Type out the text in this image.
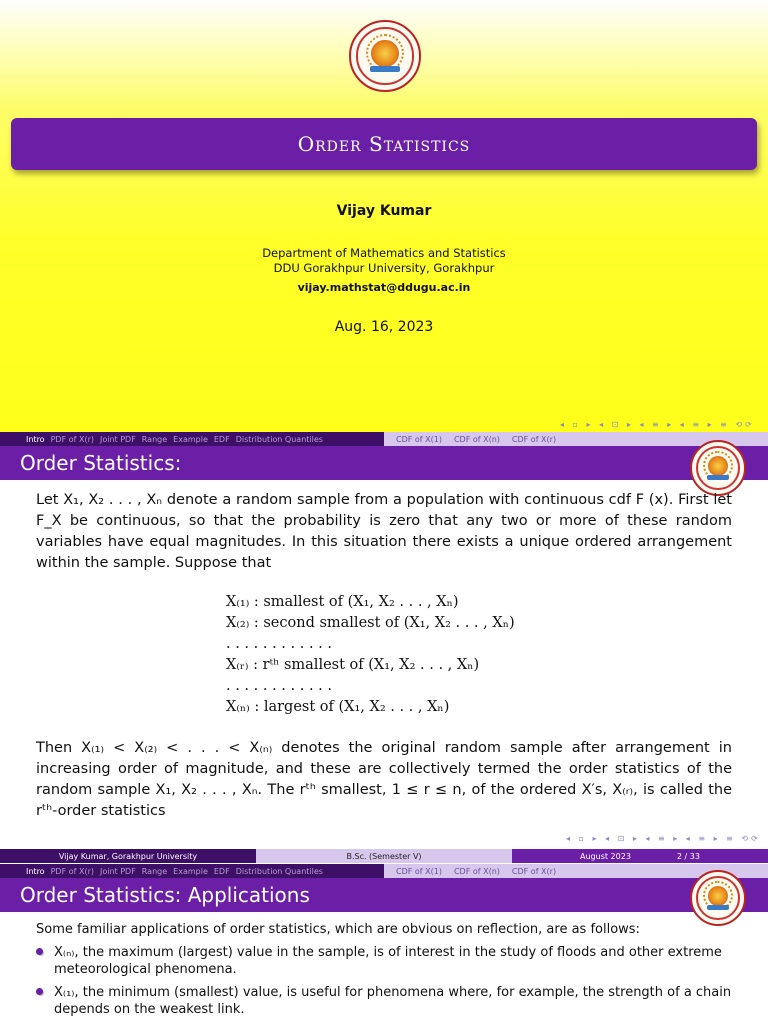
Order Statistics
Vijay Kumar
Department of Mathematics and Statistics
DDU Gorakhpur University, Gorakhpur
vijay.mathstat@ddugu.ac.in
Aug. 16, 2023
◂ ▫ ▸ ◂ ⊡ ▸ ◂ ≡ ▸ ◂ ≡ ▸ ≡ ⟲⟳
Intro PDF of X(r) Joint PDF Range Example EDF Distribution Quantiles	CDF of X(1) CDF of X(n) CDF of X(r)
Order Statistics:
Let X₁, X₂ . . . , Xₙ denote a random sample from a population with continuous cdf F (x). First let F_X be continuous, so that the probability is zero that any two or more of these random variables have equal magnitudes. In this situation there exists a unique ordered arrangement within the sample. Suppose that
X₍₁₎ : smallest of (X₁, X₂ . . . , Xₙ)
X₍₂₎ : second smallest of (X₁, X₂ . . . , Xₙ)
. . . . . . . . . . . .
X₍ᵣ₎ : rᵗʰ smallest of (X₁, X₂ . . . , Xₙ)
. . . . . . . . . . . .
X₍ₙ₎ : largest of (X₁, X₂ . . . , Xₙ)
Then X₍₁₎ < X₍₂₎ < . . . < X₍ₙ₎ denotes the original random sample after arrangement in increasing order of magnitude, and these are collectively termed the order statistics of the random sample X₁, X₂ . . . , Xₙ. The rᵗʰ smallest, 1 ≤ r ≤ n, of the ordered X′s, X₍ᵣ₎, is called the rᵗʰ-order statistics
◂ ▫ ▸ ◂ ⊡ ▸ ◂ ≡ ▸ ◂ ≡ ▸ ≡ ⟲⟳
Vijay Kumar, Gorakhpur University	B.Sc. (Semester V)	August 2023	2 / 33
Intro PDF of X(r) Joint PDF Range Example EDF Distribution Quantiles	CDF of X(1) CDF of X(n) CDF of X(r)
Order Statistics: Applications
Some familiar applications of order statistics, which are obvious on reflection, are as follows:
X₍ₙ₎, the maximum (largest) value in the sample, is of interest in the study of floods and other extreme meteorological phenomena.
X₍₁₎, the minimum (smallest) value, is useful for phenomena where, for example, the strength of a chain depends on the weakest link.
